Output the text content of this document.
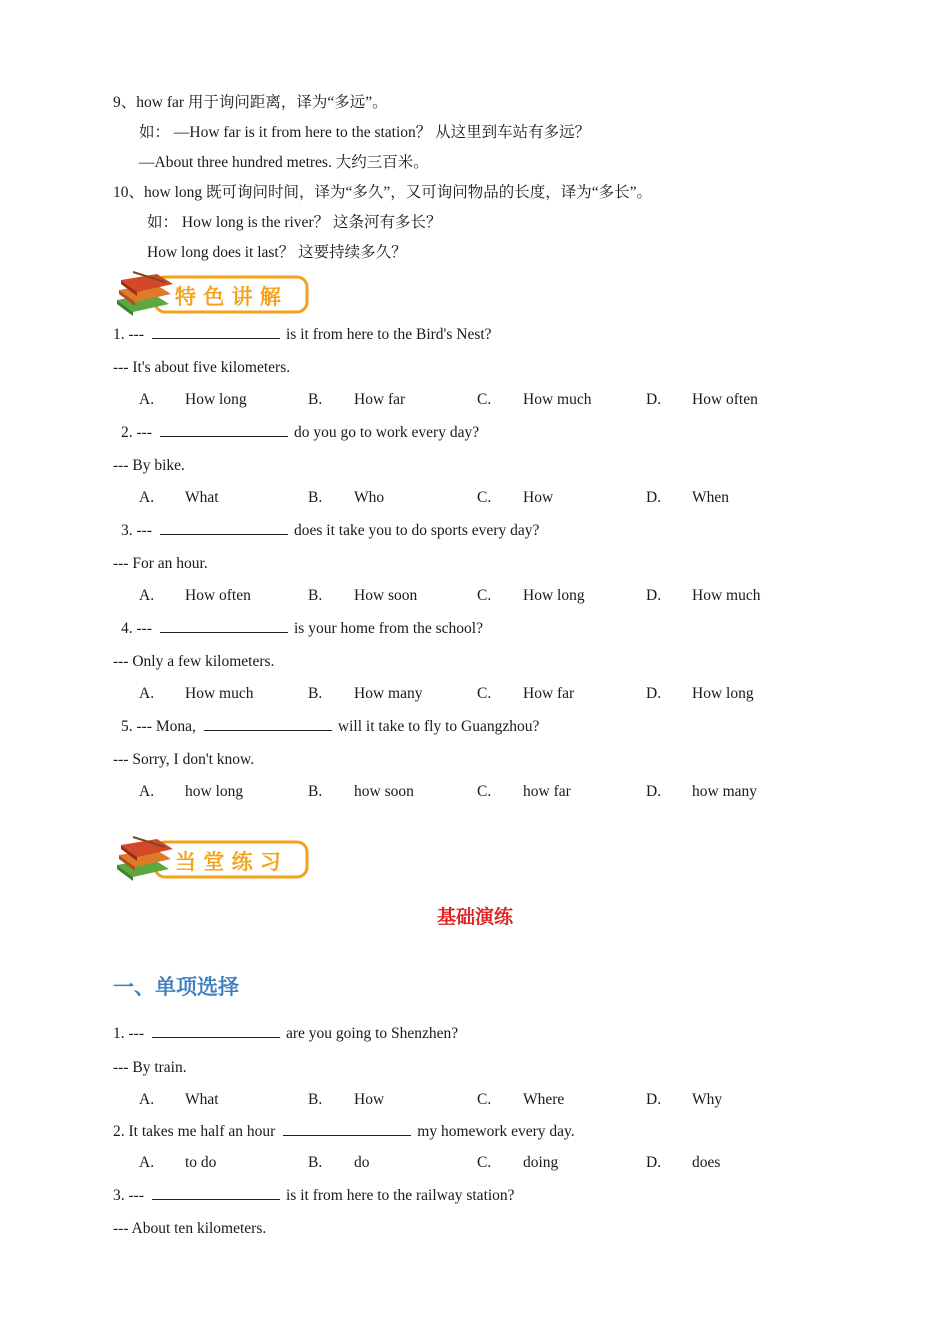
9、how far 用于询问距离，译为“多远”。
如： —How far is it from here to the station？ 从这里到车站有多远？
—About three hundred metres. 大约三百米。
10、how long 既可询问时间，译为“多久”，又可询问物品的长度，译为“多长”。
如： How long is the river？ 这条河有多长？
How long does it last？ 这要持续多久？
特 色 讲 解
1. ---	is it from here to the Bird's Nest?
--- It's about five kilometers.
A. How long	B. How far	C. How much	D. How often
2. ---	do you go to work every day?
--- By bike.
A. What	B. Who	C. How	D. When
3. ---	does it take you to do sports every day?
--- For an hour.
A. How often	B. How soon	C. How long	D. How much
4. ---	is your home from the school?
--- Only a few kilometers.
A. How much	B. How many	C. How far	D. How long
5. --- Mona,	will it take to fly to Guangzhou?
--- Sorry, I don't know.
A. how long	B. how soon	C. how far	D. how many
当 堂 练 习
基础演练
一、单项选择
1. ---	are you going to Shenzhen?
--- By train.
A. What	B. How	C. Where	D. Why
2. It takes me half an hour	my homework every day.
A. to do	B. do	C. doing	D. does
3. ---	is it from here to the railway station?
--- About ten kilometers.
